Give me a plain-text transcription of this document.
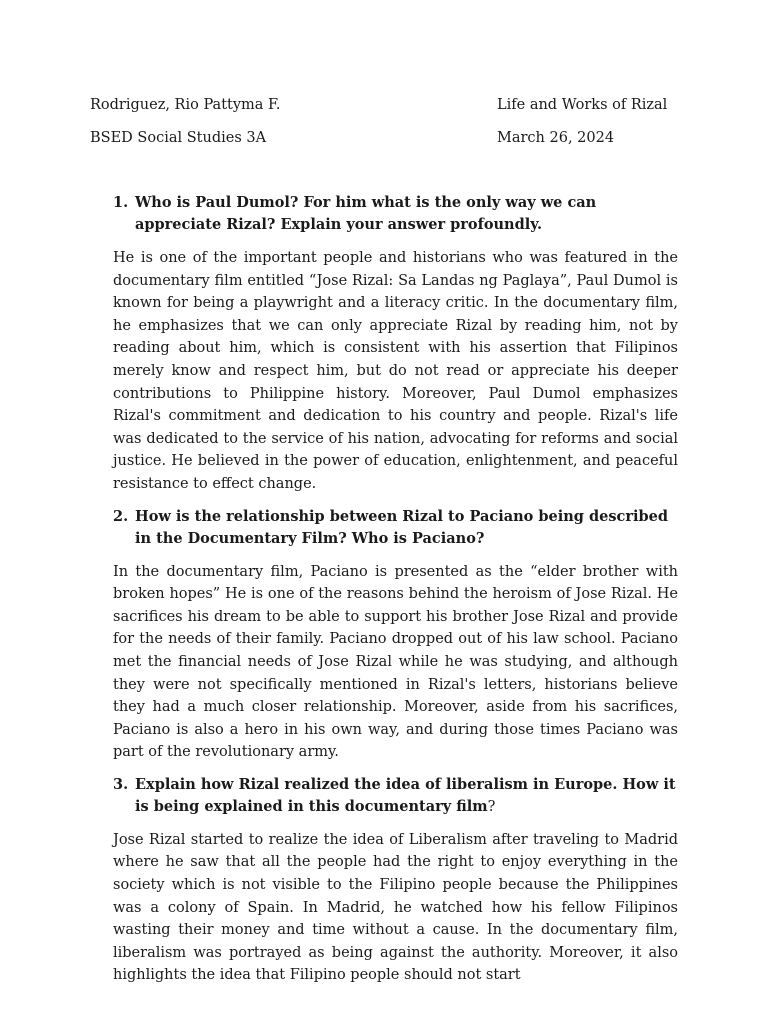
Rodriguez, Rio Pattyma F.	Life and Works of Rizal
BSED Social Studies 3A	March 26, 2024
1. Who is Paul Dumol? For him what is the only way we can appreciate Rizal? Explain your answer profoundly.

He is one of the important people and historians who was featured in the documentary film entitled “Jose Rizal: Sa Landas ng Paglaya”, Paul Dumol is known for being a playwright and a literacy critic. In the documentary film, he emphasizes that we can only appreciate Rizal by reading him, not by reading about him, which is consistent with his assertion that Filipinos merely know and respect him, but do not read or appreciate his deeper contributions to Philippine history. Moreover, Paul Dumol emphasizes Rizal's commitment and dedication to his country and people. Rizal's life was dedicated to the service of his nation, advocating for reforms and social justice. He believed in the power of education, enlightenment, and peaceful resistance to effect change.

2. How is the relationship between Rizal to Paciano being described in the Documentary Film? Who is Paciano?

In the documentary film, Paciano is presented as the “elder brother with broken hopes” He is one of the reasons behind the heroism of Jose Rizal. He sacrifices his dream to be able to support his brother Jose Rizal and provide for the needs of their family. Paciano dropped out of his law school. Paciano met the financial needs of Jose Rizal while he was studying, and although they were not specifically mentioned in Rizal's letters, historians believe they had a much closer relationship. Moreover, aside from his sacrifices, Paciano is also a hero in his own way, and during those times Paciano was part of the revolutionary army.

3. Explain how Rizal realized the idea of liberalism in Europe. How it is being explained in this documentary film?

Jose Rizal started to realize the idea of Liberalism after traveling to Madrid where he saw that all the people had the right to enjoy everything in the society which is not visible to the Filipino people because the Philippines was a colony of Spain. In Madrid, he watched how his fellow Filipinos wasting their money and time without a cause. In the documentary film, liberalism was portrayed as being against the authority. Moreover, it also highlights the idea that Filipino people should not start
